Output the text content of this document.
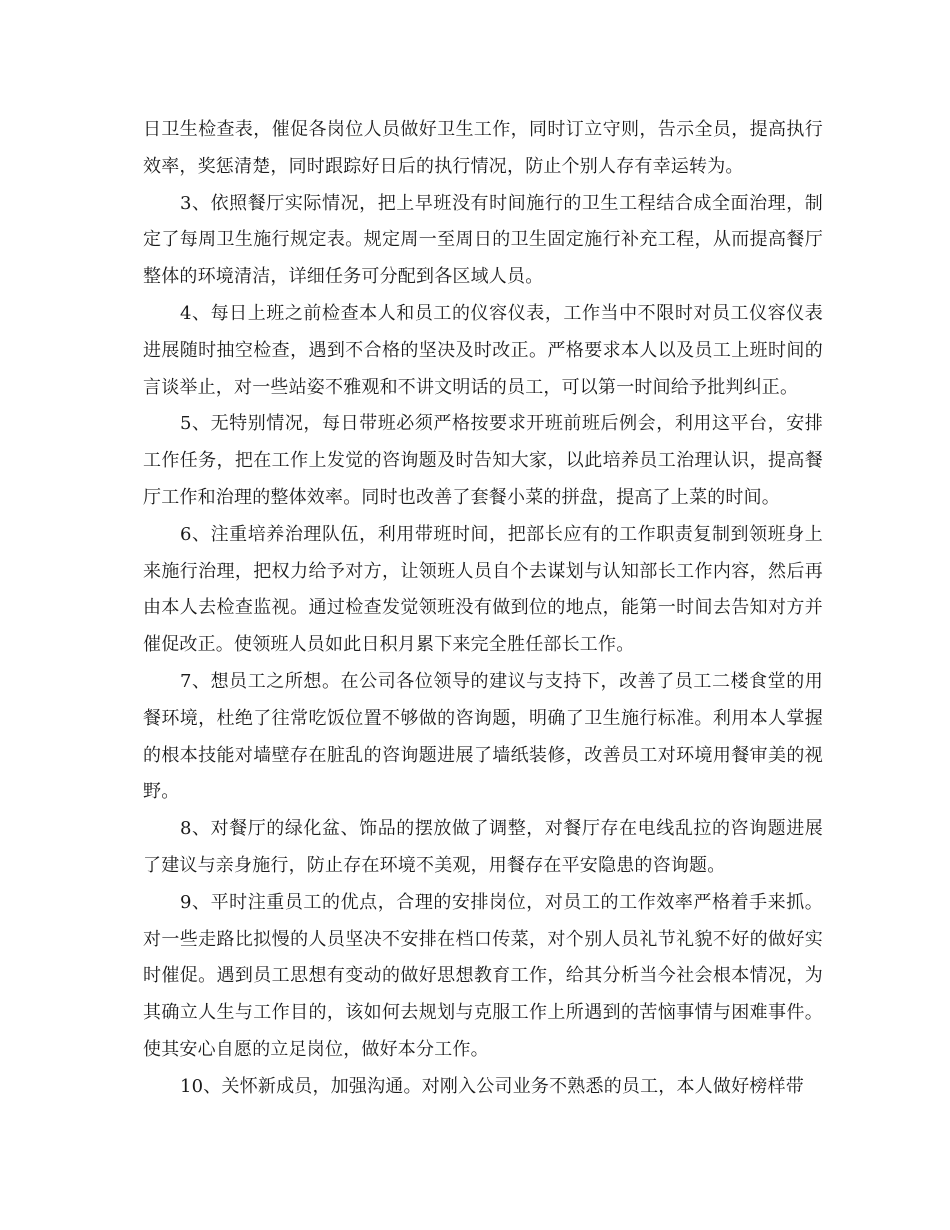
日卫生检查表，催促各岗位人员做好卫生工作，同时订立守则，告示全员，提高执行效率，奖惩清楚，同时跟踪好日后的执行情况，防止个别人存有幸运转为。

3、依照餐厅实际情况，把上早班没有时间施行的卫生工程结合成全面治理，制定了每周卫生施行规定表。规定周一至周日的卫生固定施行补充工程，从而提高餐厅整体的环境清洁，详细任务可分配到各区域人员。

4、每日上班之前检查本人和员工的仪容仪表，工作当中不限时对员工仪容仪表进展随时抽空检查，遇到不合格的坚决及时改正。严格要求本人以及员工上班时间的言谈举止，对一些站姿不雅观和不讲文明话的员工，可以第一时间给予批判纠正。

5、无特别情况，每日带班必须严格按要求开班前班后例会，利用这平台，安排工作任务，把在工作上发觉的咨询题及时告知大家，以此培养员工治理认识，提高餐厅工作和治理的整体效率。同时也改善了套餐小菜的拼盘，提高了上菜的时间。

6、注重培养治理队伍，利用带班时间，把部长应有的工作职责复制到领班身上来施行治理，把权力给予对方，让领班人员自个去谋划与认知部长工作内容，然后再由本人去检查监视。通过检查发觉领班没有做到位的地点，能第一时间去告知对方并催促改正。使领班人员如此日积月累下来完全胜任部长工作。

7、想员工之所想。在公司各位领导的建议与支持下，改善了员工二楼食堂的用餐环境，杜绝了往常吃饭位置不够做的咨询题，明确了卫生施行标准。利用本人掌握的根本技能对墙壁存在脏乱的咨询题进展了墙纸装修，改善员工对环境用餐审美的视野。

8、对餐厅的绿化盆、饰品的摆放做了调整，对餐厅存在电线乱拉的咨询题进展了建议与亲身施行，防止存在环境不美观，用餐存在平安隐患的咨询题。

9、平时注重员工的优点，合理的安排岗位，对员工的工作效率严格着手来抓。对一些走路比拟慢的人员坚决不安排在档口传菜，对个别人员礼节礼貌不好的做好实时催促。遇到员工思想有变动的做好思想教育工作，给其分析当今社会根本情况，为其确立人生与工作目的，该如何去规划与克服工作上所遇到的苦恼事情与困难事件。使其安心自愿的立足岗位，做好本分工作。

10、关怀新成员，加强沟通。对刚入公司业务不熟悉的员工，本人做好榜样带
